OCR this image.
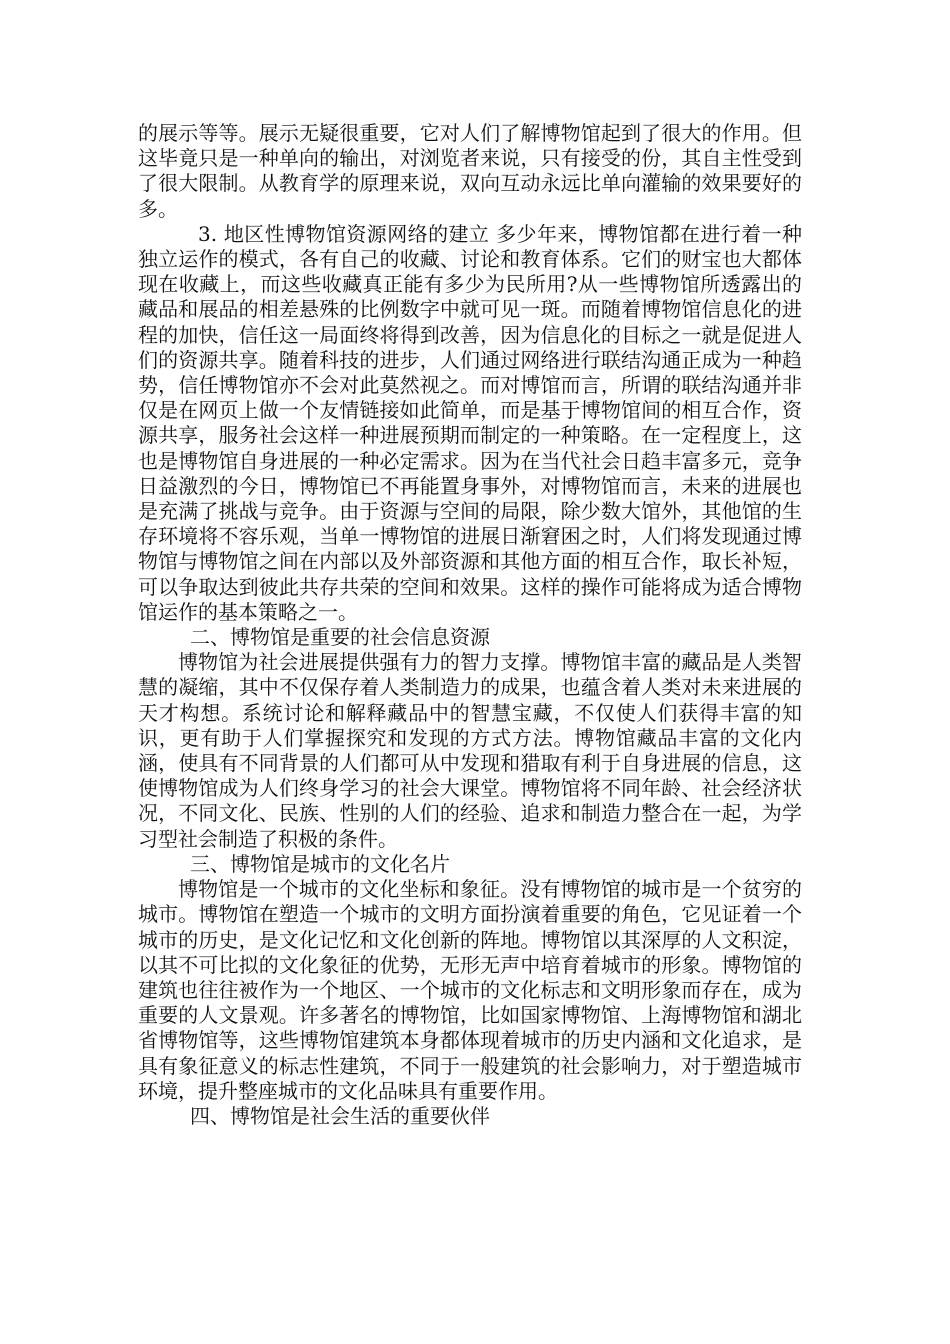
的展示等等。展示无疑很重要，它对人们了解博物馆起到了很大的作用。但这毕竟只是一种单向的输出，对浏览者来说，只有接受的份，其自主性受到了很大限制。从教育学的原理来说，双向互动永远比单向灌输的效果要好的多。

3. 地区性博物馆资源网络的建立 多少年来，博物馆都在进行着一种独立运作的模式，各有自己的收藏、讨论和教育体系。它们的财宝也大都体现在收藏上，而这些收藏真正能有多少为民所用?从一些博物馆所透露出的藏品和展品的相差悬殊的比例数字中就可见一斑。而随着博物馆信息化的进程的加快，信任这一局面终将得到改善，因为信息化的目标之一就是促进人们的资源共享。随着科技的进步，人们通过网络进行联结沟通正成为一种趋势，信任博物馆亦不会对此莫然视之。而对博馆而言，所谓的联结沟通并非仅是在网页上做一个友情链接如此简单，而是基于博物馆间的相互合作，资源共享，服务社会这样一种进展预期而制定的一种策略。在一定程度上，这也是博物馆自身进展的一种必定需求。因为在当代社会日趋丰富多元，竞争日益激烈的今日，博物馆已不再能置身事外，对博物馆而言，未来的进展也是充满了挑战与竞争。由于资源与空间的局限，除少数大馆外，其他馆的生存环境将不容乐观，当单一博物馆的进展日渐窘困之时，人们将发现通过博物馆与博物馆之间在内部以及外部资源和其他方面的相互合作，取长补短，可以争取达到彼此共存共荣的空间和效果。这样的操作可能将成为适合博物馆运作的基本策略之一。

二、博物馆是重要的社会信息资源

博物馆为社会进展提供强有力的智力支撑。博物馆丰富的藏品是人类智慧的凝缩，其中不仅保存着人类制造力的成果，也蕴含着人类对未来进展的天才构想。系统讨论和解释藏品中的智慧宝藏，不仅使人们获得丰富的知识，更有助于人们掌握探究和发现的方式方法。博物馆藏品丰富的文化内涵，使具有不同背景的人们都可从中发现和猎取有利于自身进展的信息，这使博物馆成为人们终身学习的社会大课堂。博物馆将不同年龄、社会经济状况，不同文化、民族、性别的人们的经验、追求和制造力整合在一起，为学习型社会制造了积极的条件。

三、博物馆是城市的文化名片

博物馆是一个城市的文化坐标和象征。没有博物馆的城市是一个贫穷的城市。博物馆在塑造一个城市的文明方面扮演着重要的角色，它见证着一个城市的历史，是文化记忆和文化创新的阵地。博物馆以其深厚的人文积淀，以其不可比拟的文化象征的优势，无形无声中培育着城市的形象。博物馆的建筑也往往被作为一个地区、一个城市的文化标志和文明形象而存在，成为重要的人文景观。许多著名的博物馆，比如国家博物馆、上海博物馆和湖北省博物馆等，这些博物馆建筑本身都体现着城市的历史内涵和文化追求，是具有象征意义的标志性建筑，不同于一般建筑的社会影响力，对于塑造城市环境，提升整座城市的文化品味具有重要作用。

四、博物馆是社会生活的重要伙伴
